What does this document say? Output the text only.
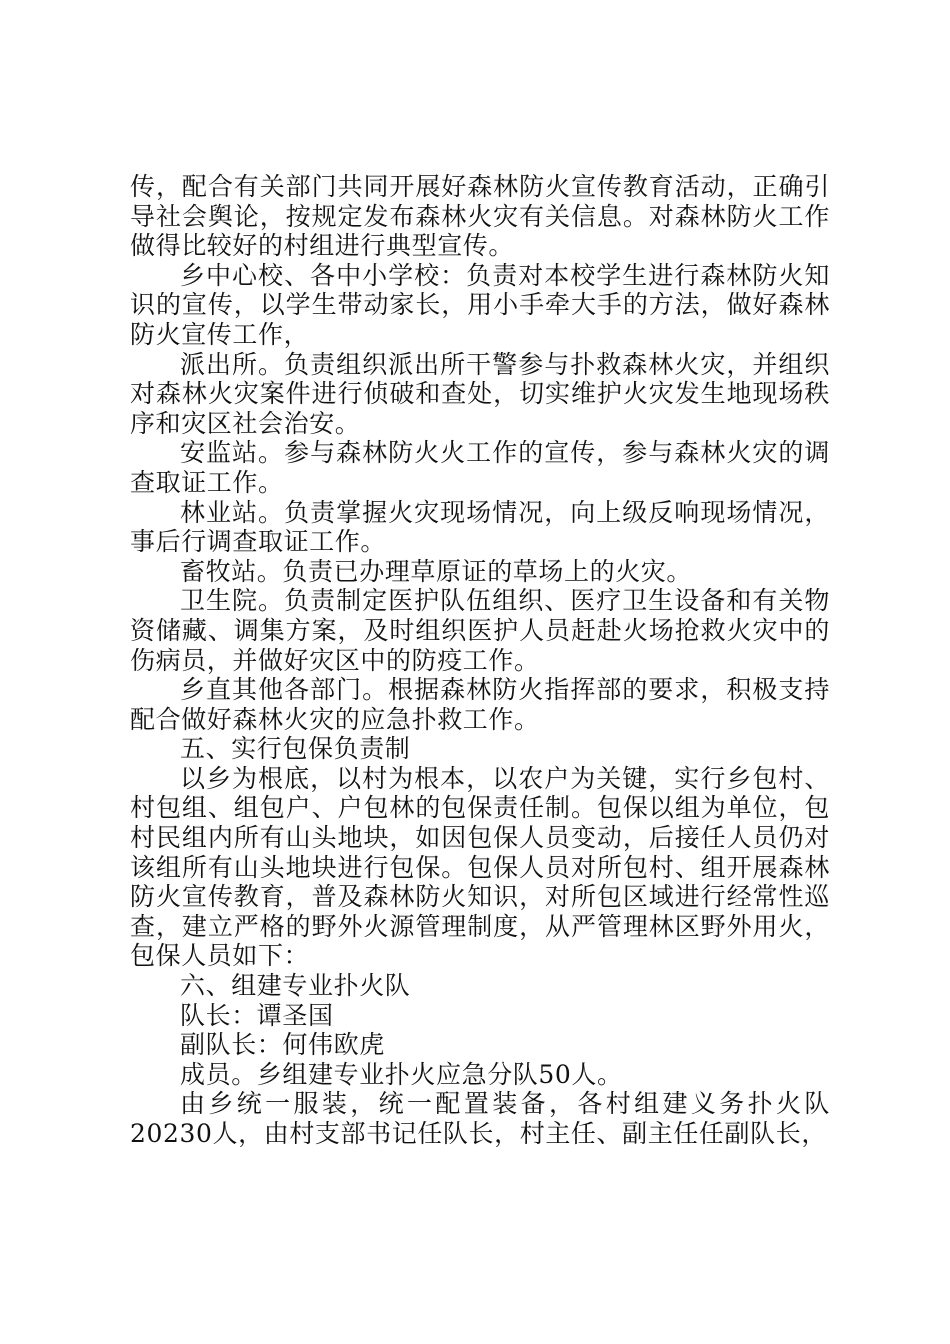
传，配合有关部门共同开展好森林防火宣传教育活动，正确引导社会舆论，按规定发布森林火灾有关信息。对森林防火工作做得比较好的村组进行典型宣传。

乡中心校、各中小学校：负责对本校学生进行森林防火知识的宣传，以学生带动家长，用小手牵大手的方法，做好森林防火宣传工作，

派出所。负责组织派出所干警参与扑救森林火灾，并组织对森林火灾案件进行侦破和查处，切实维护火灾发生地现场秩序和灾区社会治安。

安监站。参与森林防火火工作的宣传，参与森林火灾的调查取证工作。

林业站。负责掌握火灾现场情况，向上级反响现场情况，事后行调查取证工作。

畜牧站。负责已办理草原证的草场上的火灾。

卫生院。负责制定医护队伍组织、医疗卫生设备和有关物资储藏、调集方案，及时组织医护人员赶赴火场抢救火灾中的伤病员，并做好灾区中的防疫工作。

乡直其他各部门。根据森林防火指挥部的要求，积极支持配合做好森林火灾的应急扑救工作。

五、实行包保负责制

以乡为根底，以村为根本，以农户为关键，实行乡包村、村包组、组包户、户包林的包保责任制。包保以组为单位，包村民组内所有山头地块，如因包保人员变动，后接任人员仍对该组所有山头地块进行包保。包保人员对所包村、组开展森林防火宣传教育，普及森林防火知识，对所包区域进行经常性巡查，建立严格的野外火源管理制度，从严管理林区野外用火，包保人员如下：

六、组建专业扑火队

队长：谭圣国

副队长：何伟欧虎

成员。乡组建专业扑火应急分队50人。

由乡统一服装，统一配置装备，各村组建义务扑火队20230人，由村支部书记任队长，村主任、副主任任副队长，
